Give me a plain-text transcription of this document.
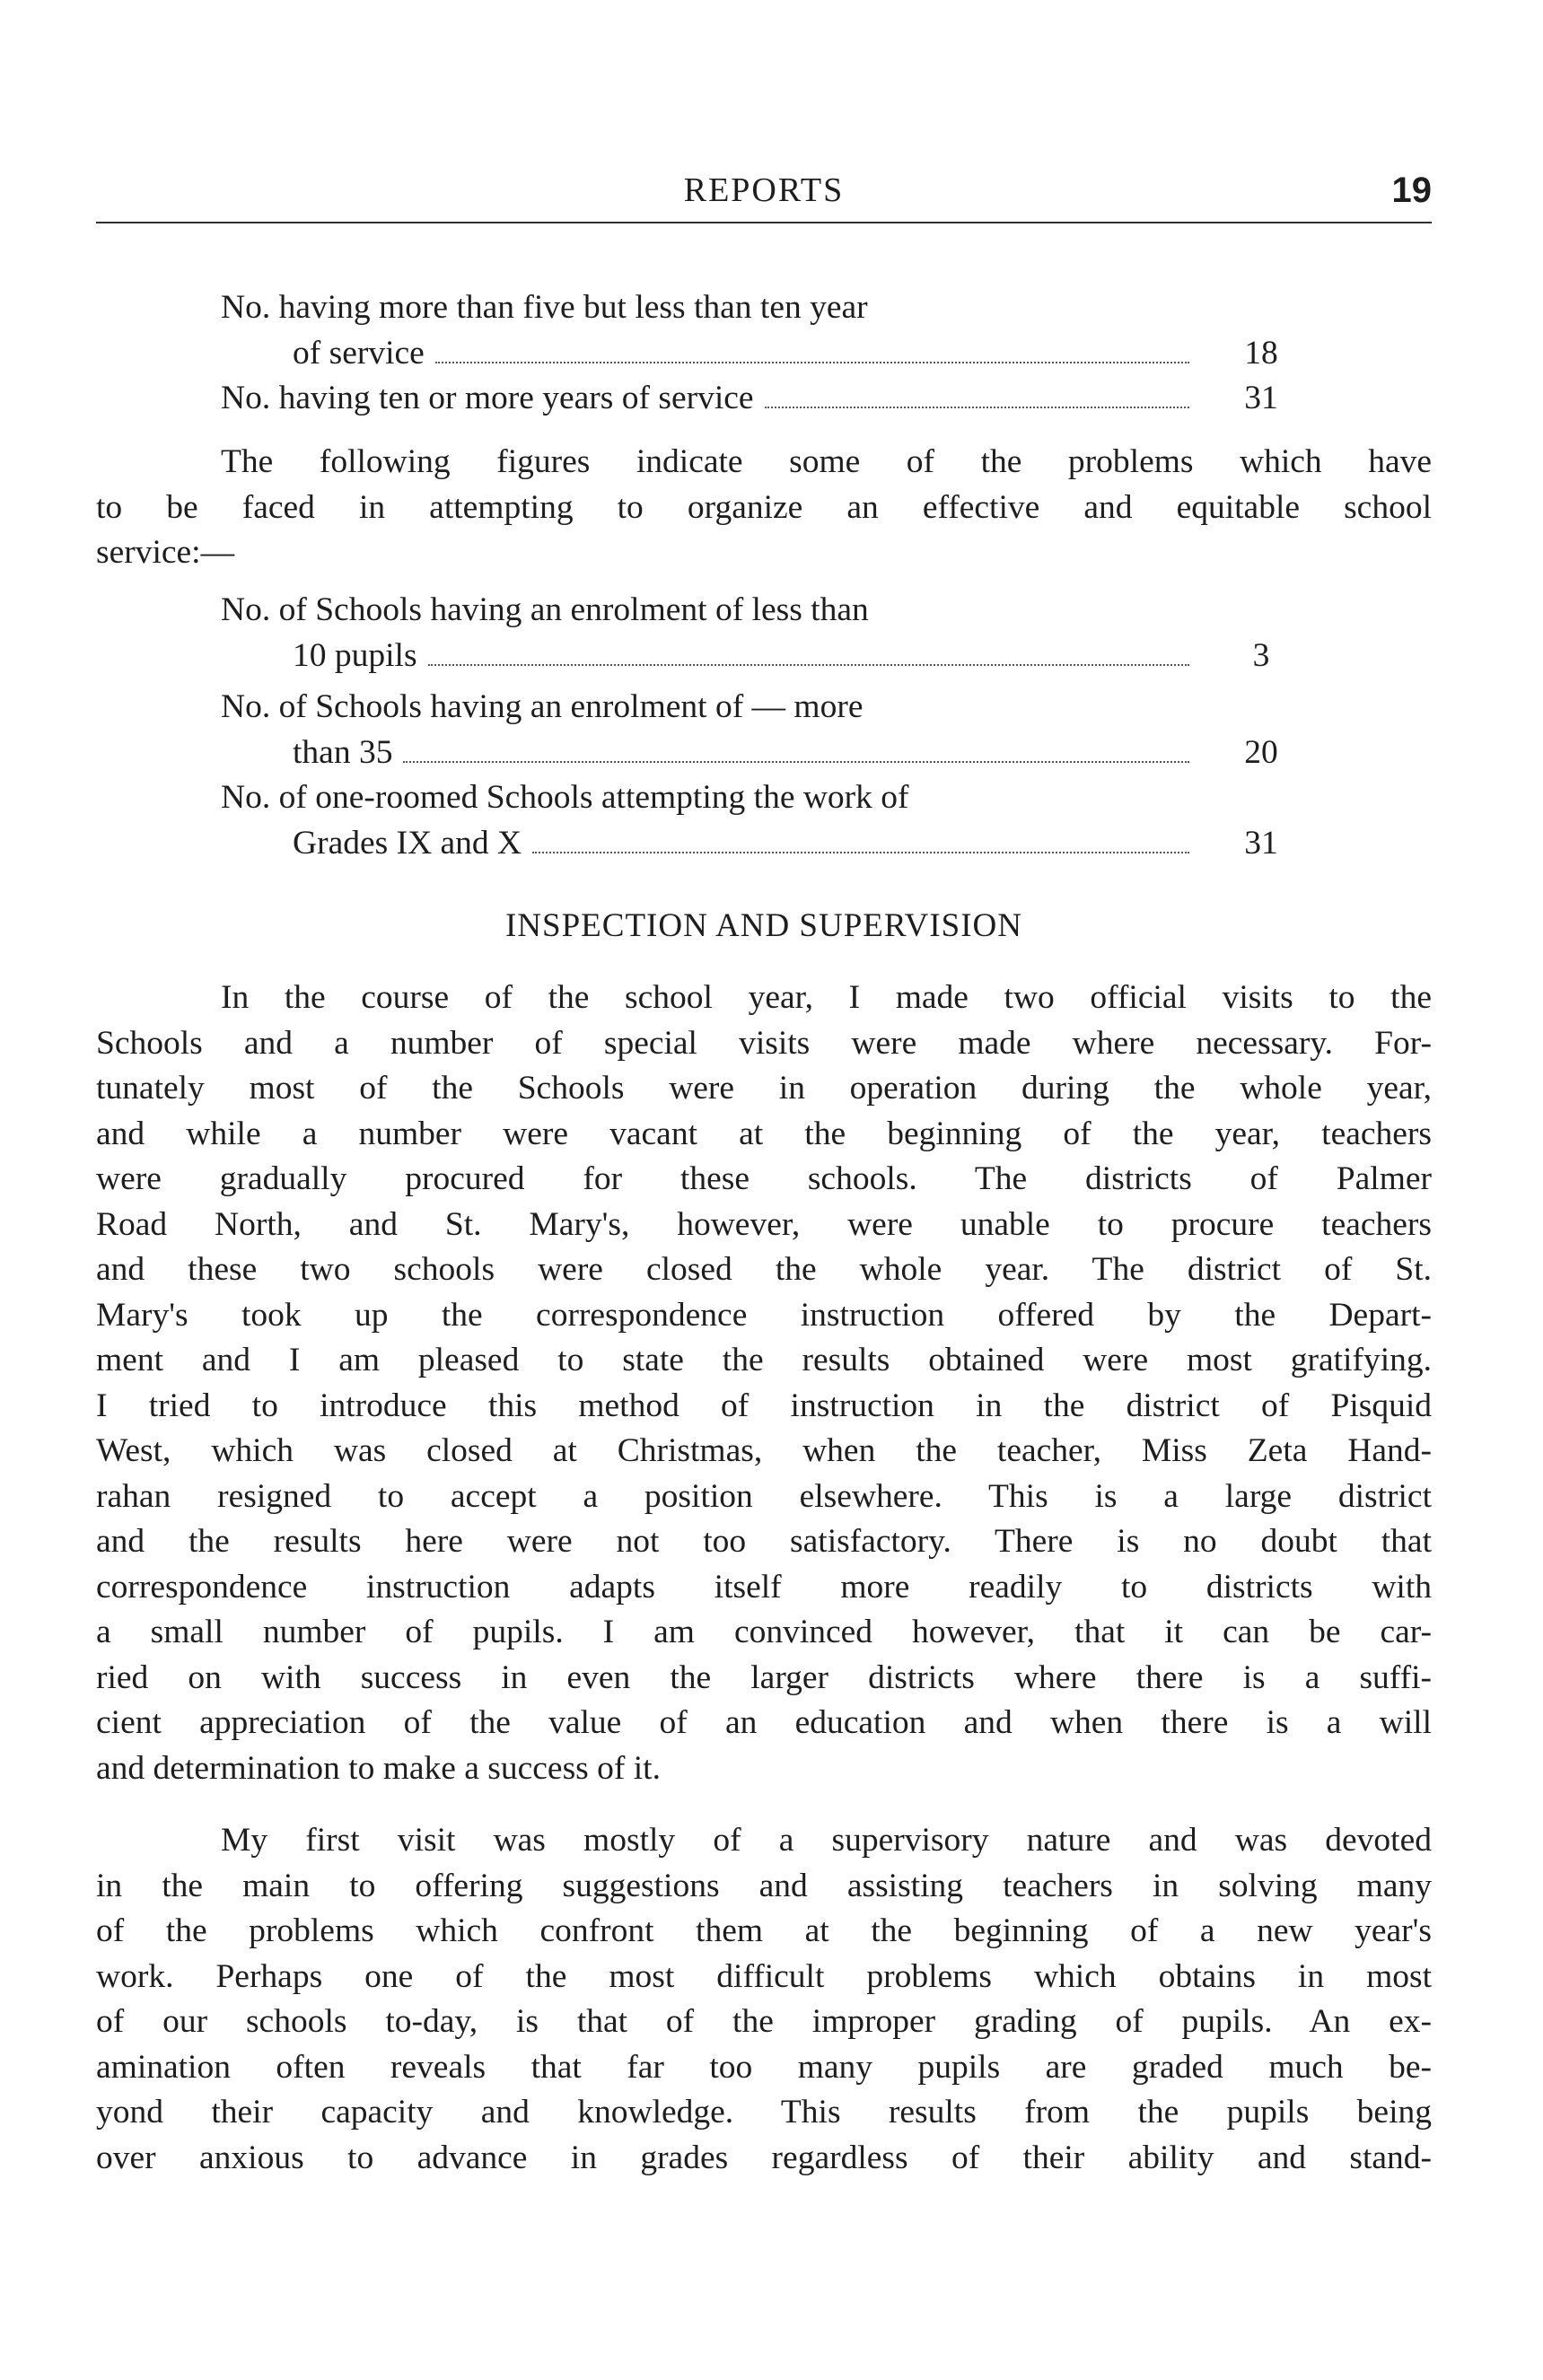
REPORTS	19
No. having more than five but less than ten year
of service	18
No. having ten or more years of service	31
The following figures indicate some of the problems which have
to be faced in attempting to organize an effective and equitable school
service:—
No. of Schools having an enrolment of less than
10 pupils	3
No. of Schools having an enrolment of — more
than 35	20
No. of one-roomed Schools attempting the work of
Grades IX and X	31
INSPECTION AND SUPERVISION
In the course of the school year, I made two official visits to the
Schools and a number of special visits were made where necessary. For-
tunately most of the Schools were in operation during the whole year,
and while a number were vacant at the beginning of the year, teachers
were gradually procured for these schools. The districts of Palmer
Road North, and St. Mary's, however, were unable to procure teachers
and these two schools were closed the whole year. The district of St.
Mary's took up the correspondence instruction offered by the Depart-
ment and I am pleased to state the results obtained were most gratifying.
I tried to introduce this method of instruction in the district of Pisquid
West, which was closed at Christmas, when the teacher, Miss Zeta Hand-
rahan resigned to accept a position elsewhere. This is a large district
and the results here were not too satisfactory. There is no doubt that
correspondence instruction adapts itself more readily to districts with
a small number of pupils. I am convinced however, that it can be car-
ried on with success in even the larger districts where there is a suffi-
cient appreciation of the value of an education and when there is a will
and determination to make a success of it.
My first visit was mostly of a supervisory nature and was devoted
in the main to offering suggestions and assisting teachers in solving many
of the problems which confront them at the beginning of a new year's
work. Perhaps one of the most difficult problems which obtains in most
of our schools to-day, is that of the improper grading of pupils. An ex-
amination often reveals that far too many pupils are graded much be-
yond their capacity and knowledge. This results from the pupils being
over anxious to advance in grades regardless of their ability and stand-
